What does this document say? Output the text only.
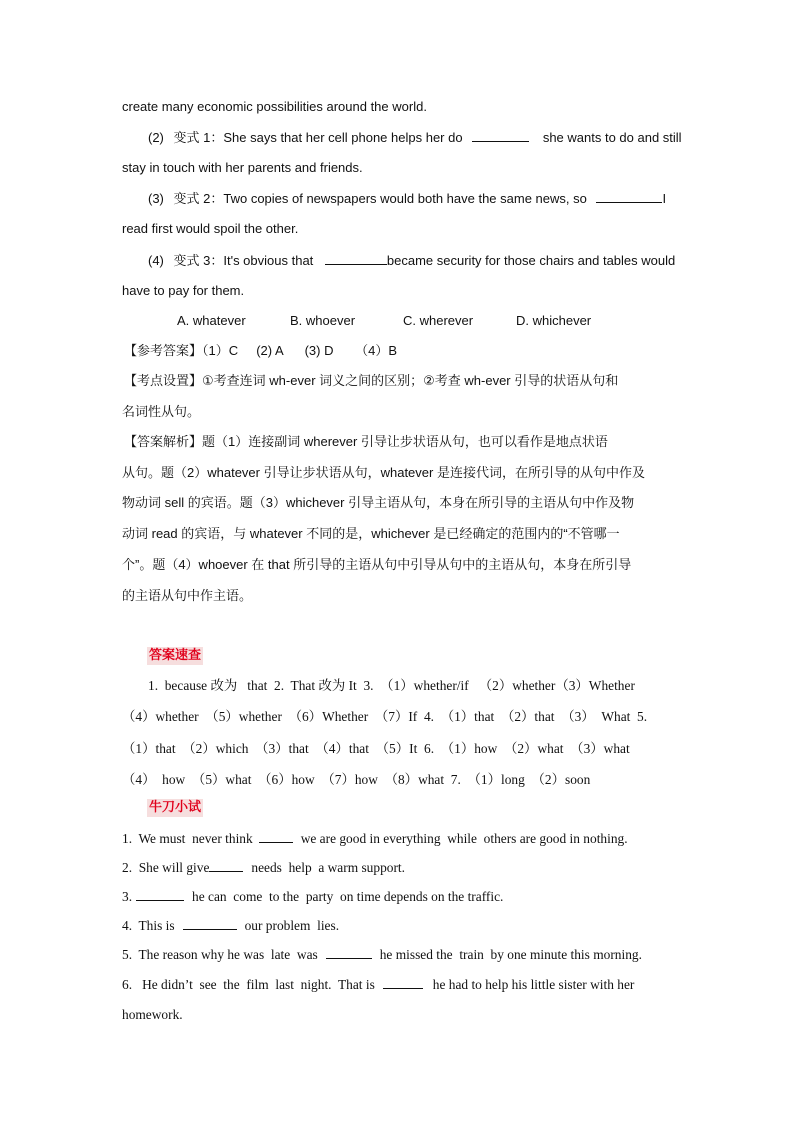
create many economic possibilities around the world.
(2) 变式 1：She says that her cell phone helps her do	she wants to do and still
stay in touch with her parents and friends.
(3) 变式 2：Two copies of newspapers would both have the same news, so	I
read first would spoil the other.
(4) 变式 3：It's obvious that	became security for those chairs and tables would
have to pay for them.
A. whatever	B. whoever	C. wherever	D. whichever
【参考答案】（1）C     (2) A      (3) D      （4）B
【考点设置】①考查连词 wh-ever 词义之间的区别；②考查 wh-ever 引导的状语从句和
名词性从句。
【答案解析】题（1）连接副词 wherever 引导让步状语从句，也可以看作是地点状语
从句。题（2）whatever 引导让步状语从句，whatever 是连接代词，在所引导的从句中作及
物动词 sell 的宾语。题（3）whichever 引导主语从句，本身在所引导的主语从句中作及物
动词 read 的宾语，与 whatever 不同的是，whichever 是已经确定的范围内的“不管哪一
个”。题（4）whoever 在 that 所引导的主语从句中引导从句中的主语从句，本身在所引导
的主语从句中作主语。
答案速查
1.  because 改为   that  2.  That 改为 It  3.  （1）whether/if   （2）whether（3）Whether
（4）whether  （5）whether  （6）Whether  （7）If  4.  （1）that  （2）that  （3）  What  5.
（1）that  （2）which  （3）that  （4）that  （5）It  6.  （1）how  （2）what  （3）what
（4）  how  （5）what  （6）how  （7）how  （8）what  7.  （1）long  （2）soon
牛刀小试
1.  We must  never think	we are good in everything  while  others are good in nothing.
2.  She will give	needs  help  a warm support.
3.	he can  come  to the  party  on time depends on the traffic.
4.  This is	our problem  lies.
5.  The reason why he was  late  was	he missed the  train  by one minute this morning.
6.   He didn’t  see  the  film  last  night.  That is	he had to help his little sister with her
homework.
